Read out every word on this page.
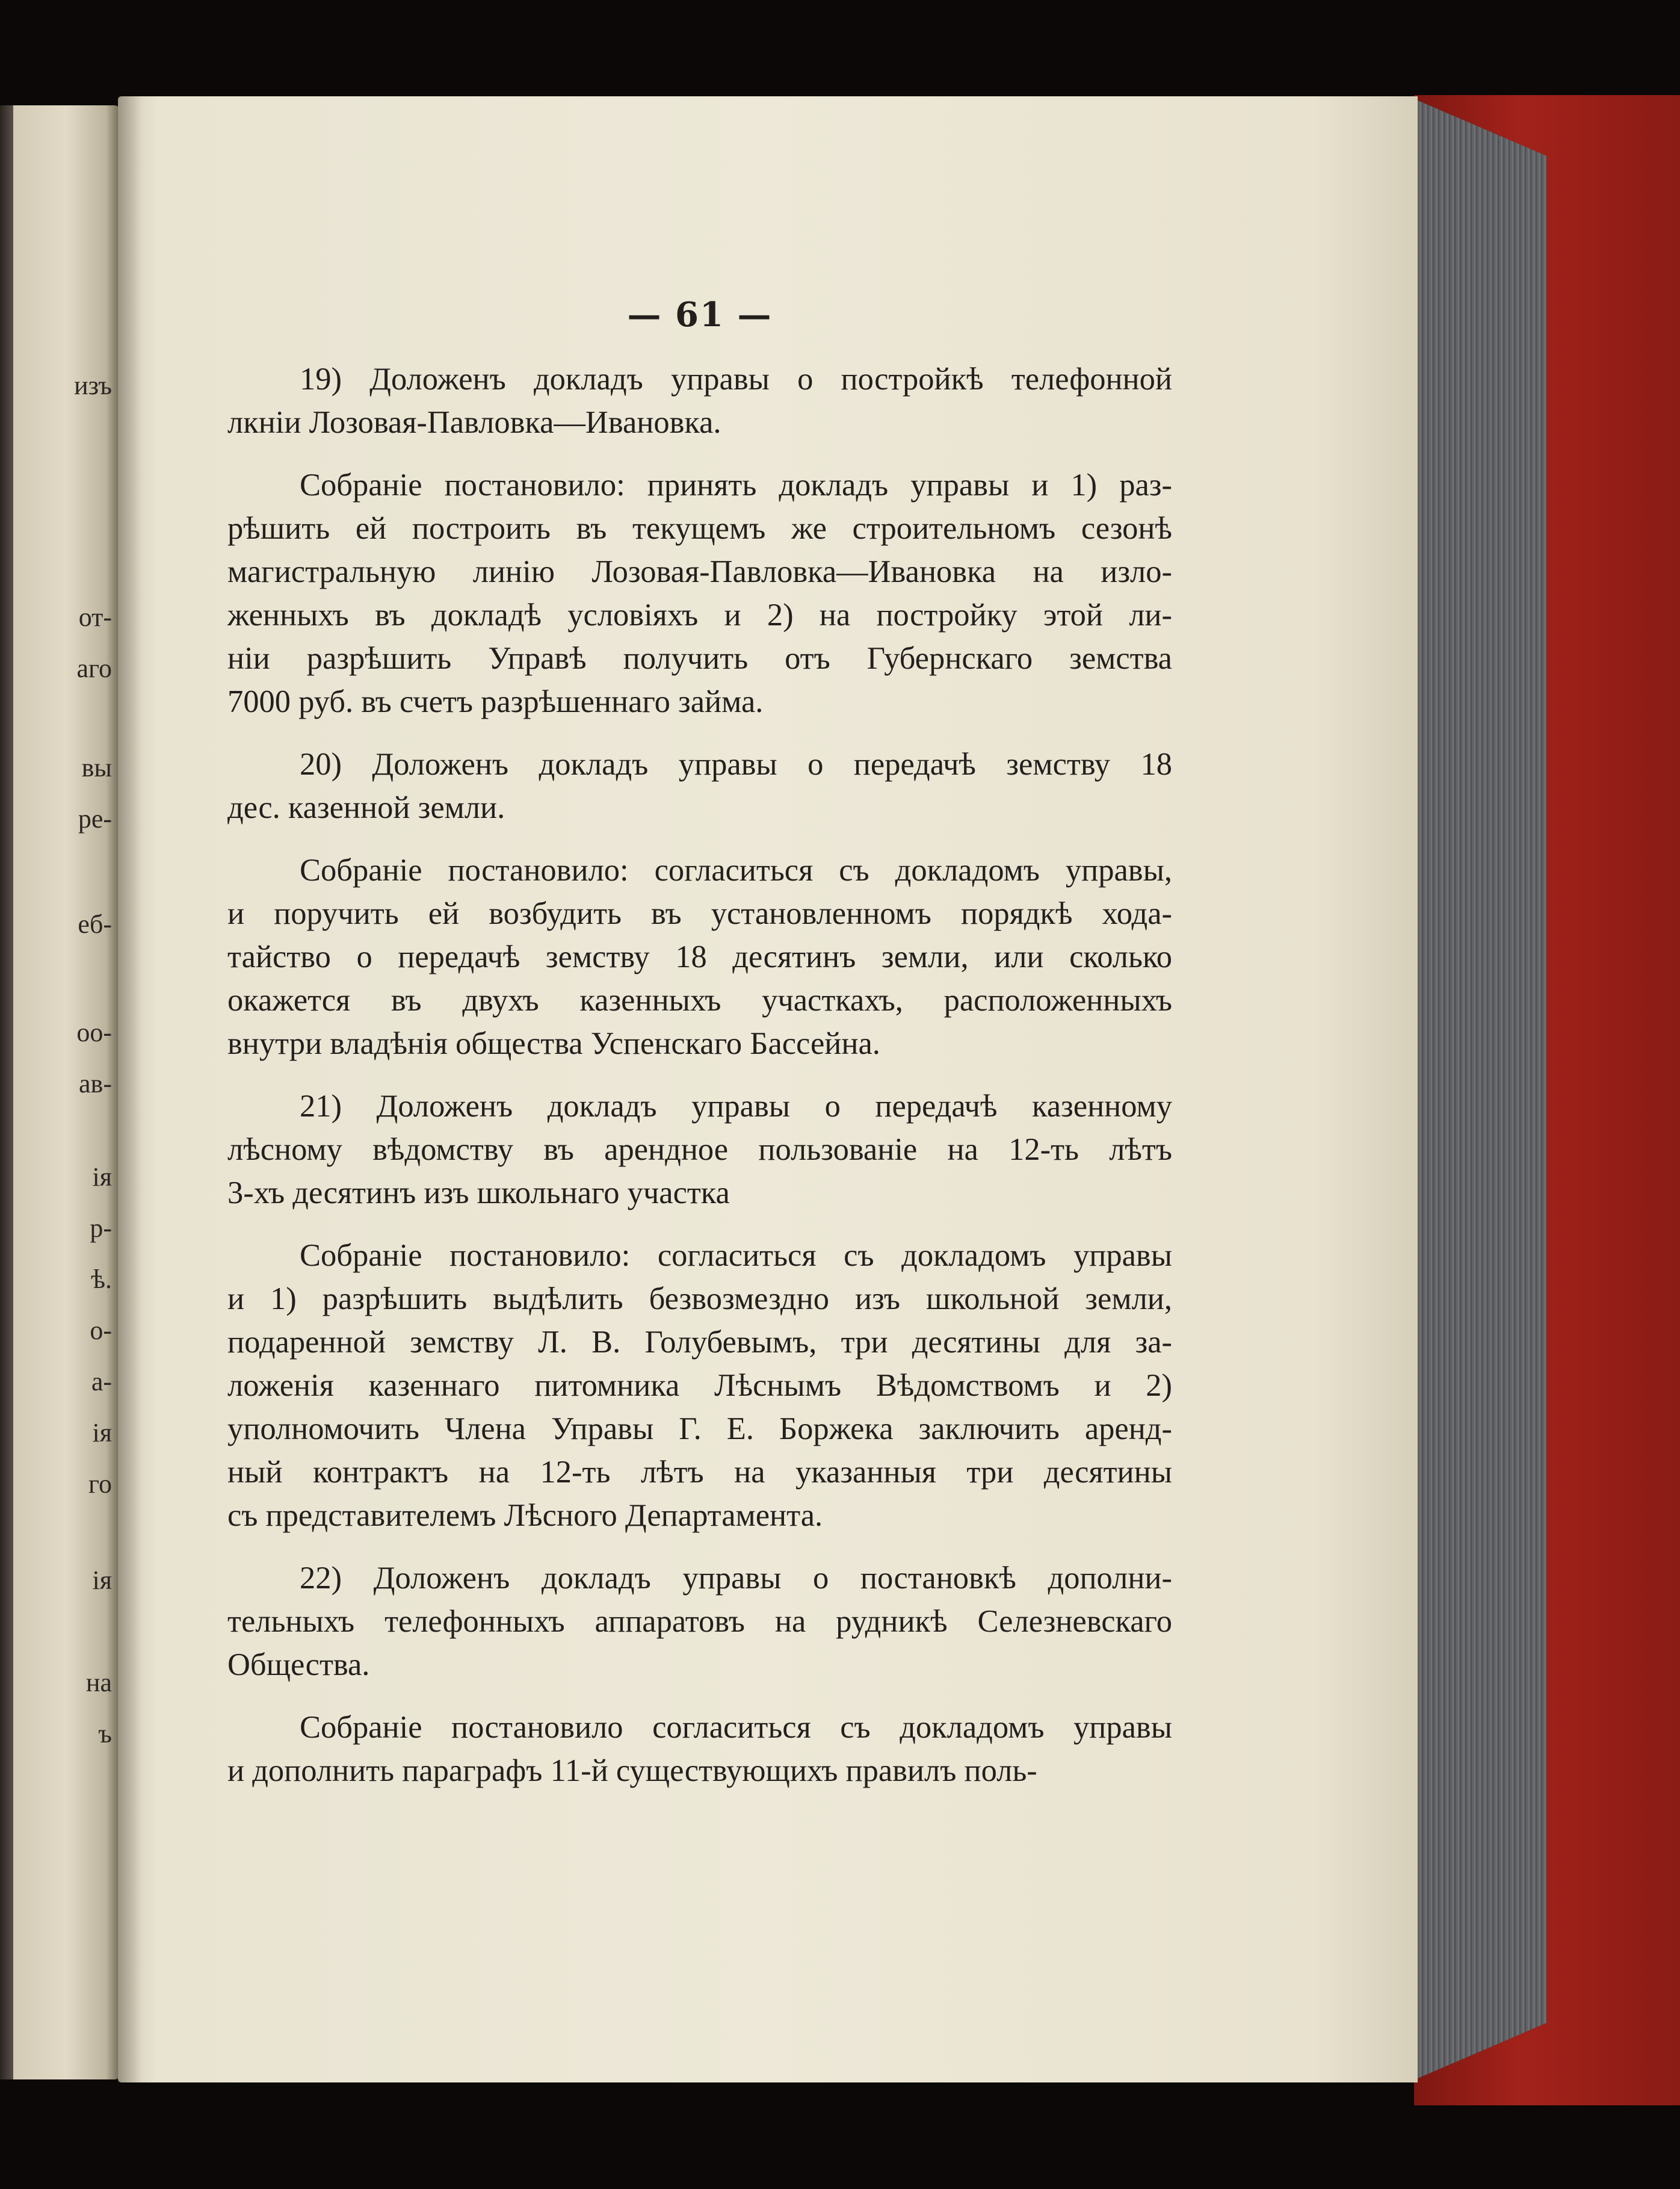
изъ
от-
аго
вы
ре-
еб-
оо-
ав-
ія
р-
ѣ.
о-
а-
ія
го
ія
на
ъ
— 61 —
19) Доложенъ докладъ управы о постройкѣ телефонной
лкніи Лозовая-Павловка—Ивановка.
Собраніе постановило: принять докладъ управы и 1) раз-
рѣшить ей построить въ текущемъ же строительномъ сезонѣ
магистральную линію Лозовая-Павловка—Ивановка на изло-
женныхъ въ докладѣ условіяхъ и 2) на постройку этой ли-
ніи разрѣшить Управѣ получить отъ Губернскаго земства
7000 руб. въ счетъ разрѣшеннаго займа.
20) Доложенъ докладъ управы о передачѣ земству 18
дес. казенной земли.
Собраніе постановило: согласиться съ докладомъ управы,
и поручить ей возбудить въ установленномъ порядкѣ хода-
тайство о передачѣ земству 18 десятинъ земли, или сколько
окажется въ двухъ казенныхъ участкахъ, расположенныхъ
внутри владѣнія общества Успенскаго Бассейна.
21) Доложенъ докладъ управы о передачѣ казенному
лѣсному вѣдомству въ арендное пользованіе на 12-ть лѣтъ
3-хъ десятинъ изъ школьнаго участка
Собраніе постановило: согласиться съ докладомъ управы
и 1) разрѣшить выдѣлить безвозмездно изъ школьной земли,
подаренной земству Л. В. Голубевымъ, три десятины для за-
ложенія казеннаго питомника Лѣснымъ Вѣдомствомъ и 2)
уполномочить Члена Управы Г. Е. Боржека заключить аренд-
ный контрактъ на 12-ть лѣтъ на указанныя три десятины
съ представителемъ Лѣсного Департамента.
22) Доложенъ докладъ управы о постановкѣ дополни-
тельныхъ телефонныхъ аппаратовъ на рудникѣ Селезневскаго
Общества.
Собраніе постановило согласиться съ докладомъ управы
и дополнить параграфъ 11-й существующихъ правилъ поль-
